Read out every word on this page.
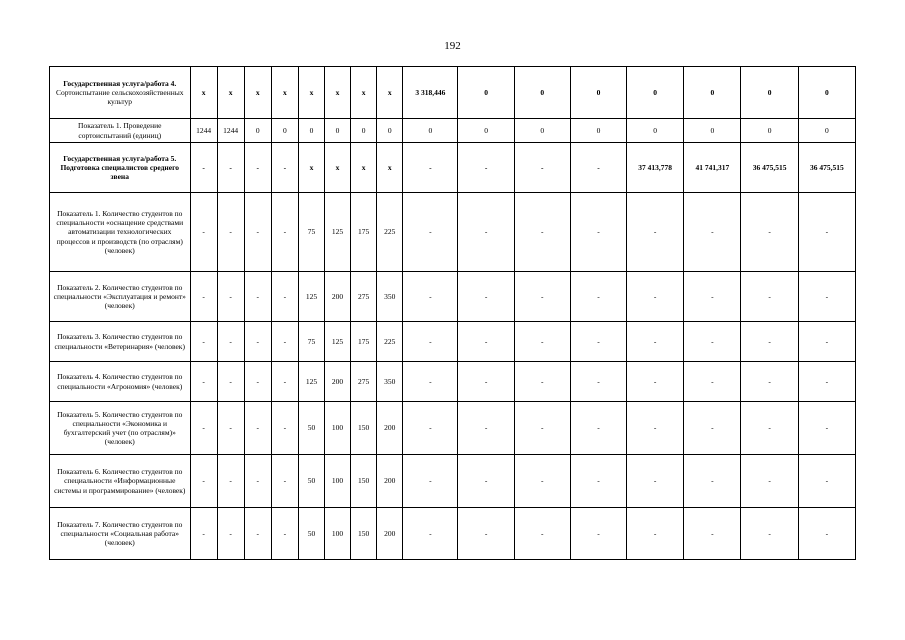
192
Государственная услуга/работа 4.
Сортоиспытание сельскохозяйственных культур	x	x	x	x	x	x	x	x	3 318,446	0	0	0	0	0	0	0
Показатель 1. Проведение сортоиспытаний (единиц)	1244	1244	0	0	0	0	0	0	0	0	0	0	0	0	0	0
Государственная услуга/работа 5. Подготовка специалистов среднего звена	-	-	-	-	x	x	x	x	-	-	-	-	37 413,778	41 741,317	36 475,515	36 475,515
Показатель 1. Количество студентов по специальности «оснащение средствами автоматизации технологических процессов и производств (по отраслям) (человек)	-	-	-	-	75	125	175	225	-	-	-	-	-	-	-	-
Показатель 2. Количество студентов по специальности «Эксплуатация и ремонт» (человек)	-	-	-	-	125	200	275	350	-	-	-	-	-	-	-	-
Показатель 3. Количество студентов по специальности «Ветеринария» (человек)	-	-	-	-	75	125	175	225	-	-	-	-	-	-	-	-
Показатель 4. Количество студентов по специальности «Агрономия» (человек)	-	-	-	-	125	200	275	350	-	-	-	-	-	-	-	-
Показатель 5. Количество студентов по специальности «Экономика и бухгалтерский учет (по отраслям)» (человек)	-	-	-	-	50	100	150	200	-	-	-	-	-	-	-	-
Показатель 6. Количество студентов по специальности «Информационные системы и программирование» (человек)	-	-	-	-	50	100	150	200	-	-	-	-	-	-	-	-
Показатель 7. Количество студентов по специальности «Социальная работа» (человек)	-	-	-	-	50	100	150	200	-	-	-	-	-	-	-	-
